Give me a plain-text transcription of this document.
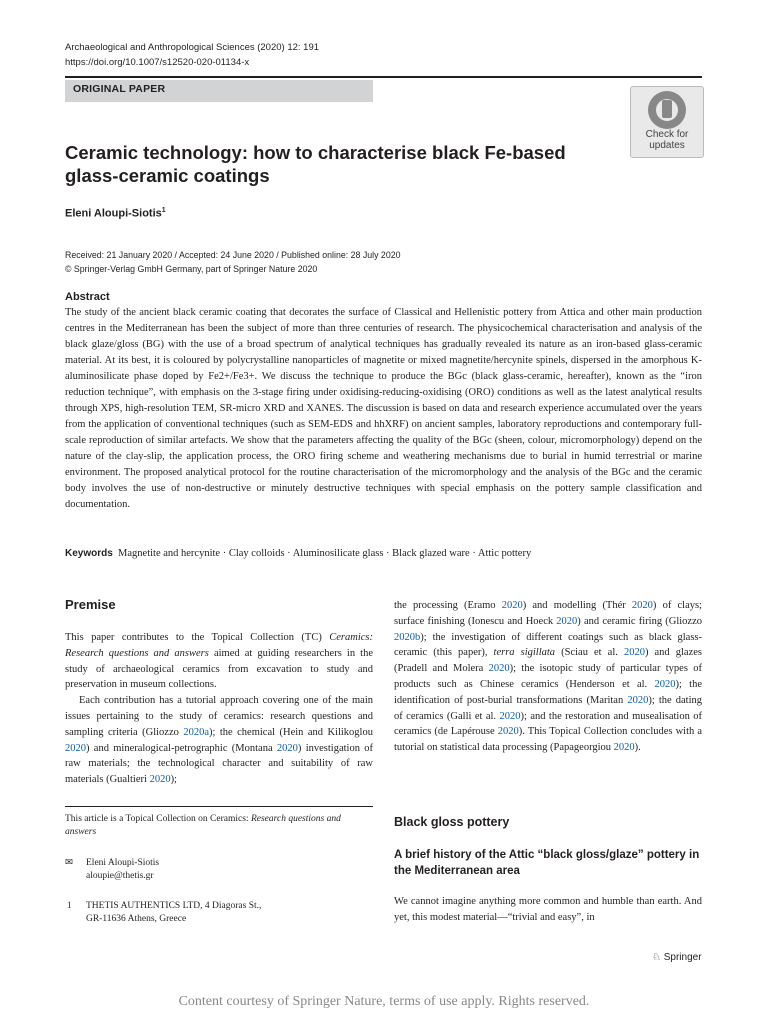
Archaeological and Anthropological Sciences (2020) 12: 191
https://doi.org/10.1007/s12520-020-01134-x
ORIGINAL PAPER
Check for
updates
Ceramic technology: how to characterise black Fe-based glass-ceramic coatings
Eleni Aloupi-Siotis$^1$
Received: 21 January 2020 / Accepted: 24 June 2020 / Published online: 28 July 2020
© Springer-Verlag GmbH Germany, part of Springer Nature 2020
Abstract

The study of the ancient black ceramic coating that decorates the surface of Classical and Hellenistic pottery from Attica and other main production centres in the Mediterranean has been the subject of more than three centuries of research. The physicochemical characterisation and analysis of the black glaze/gloss (BG) with the use of a broad spectrum of analytical techniques has gradually revealed its nature as an iron-based glass-ceramic material. At its best, it is coloured by polycrystalline nanoparticles of magnetite or mixed magnetite/hercynite spinels, dispersed in the amorphous K-aluminosilicate phase doped by Fe2+/Fe3+. We discuss the technique to produce the BGc (black glass-ceramic, hereafter), known as the “iron reduction technique”, with emphasis on the 3-stage firing under oxidising-reducing-oxidising (ORO) conditions as well as the latest analytical results through XPS, high-resolution TEM, SR-micro XRD and XANES. The discussion is based on data and research experience accumulated over the years from the application of conventional techniques (such as SEM-EDS and hhXRF) on ancient samples, laboratory reproductions and contemporary full-scale reproduction of similar artefacts. We show that the parameters affecting the quality of the BGc (sheen, colour, micromorphology) depend on the nature of the clay-slip, the application process, the ORO firing scheme and weathering mechanisms due to burial in humid terrestrial or marine environment. The proposed analytical protocol for the routine characterisation of the micromorphology and the analysis of the BGc and the ceramic body involves the use of non-destructive or minutely destructive techniques with special emphasis on the pottery sample classification and documentation.

Keywords Magnetite and hercynite · Clay colloids · Aluminosilicate glass · Black glazed ware · Attic pottery
Premise

This paper contributes to the Topical Collection (TC) Ceramics: Research questions and answers aimed at guiding researchers in the study of archaeological ceramics from excavation to study and preservation in museum collections.

Each contribution has a tutorial approach covering one of the main issues pertaining to the study of ceramics: research questions and sampling criteria (Gliozzo 2020a); the chemical (Hein and Kilikoglou 2020) and mineralogical-petrographic (Montana 2020) investigation of raw materials; the technological character and suitability of raw materials (Gualtieri 2020);

This article is a Topical Collection on Ceramics: Research questions and answers
✉ Eleni Aloupi-Siotis
aloupie@thetis.gr
1 THETIS AUTHENTICS LTD, 4 Diagoras St.,
GR-11636 Athens, Greece

the processing (Eramo 2020) and modelling (Thér 2020) of clays; surface finishing (Ionescu and Hoeck 2020) and ceramic firing (Gliozzo 2020b); the investigation of different coatings such as black glass-ceramic (this paper), terra sigillata (Sciau et al. 2020) and glazes (Pradell and Molera 2020); the isotopic study of particular types of products such as Chinese ceramics (Henderson et al. 2020); the identification of post-burial transformations (Maritan 2020); the dating of ceramics (Galli et al. 2020); and the restoration and musealisation of ceramics (de Lapérouse 2020). This Topical Collection concludes with a tutorial on statistical data processing (Papageorgiou 2020).

Black gloss pottery
A brief history of the Attic “black gloss/glaze” pottery in the Mediterranean area

We cannot imagine anything more common and humble than earth. And yet, this modest material—“trivial and easy”, in

♘ Springer
Content courtesy of Springer Nature, terms of use apply. Rights reserved.
